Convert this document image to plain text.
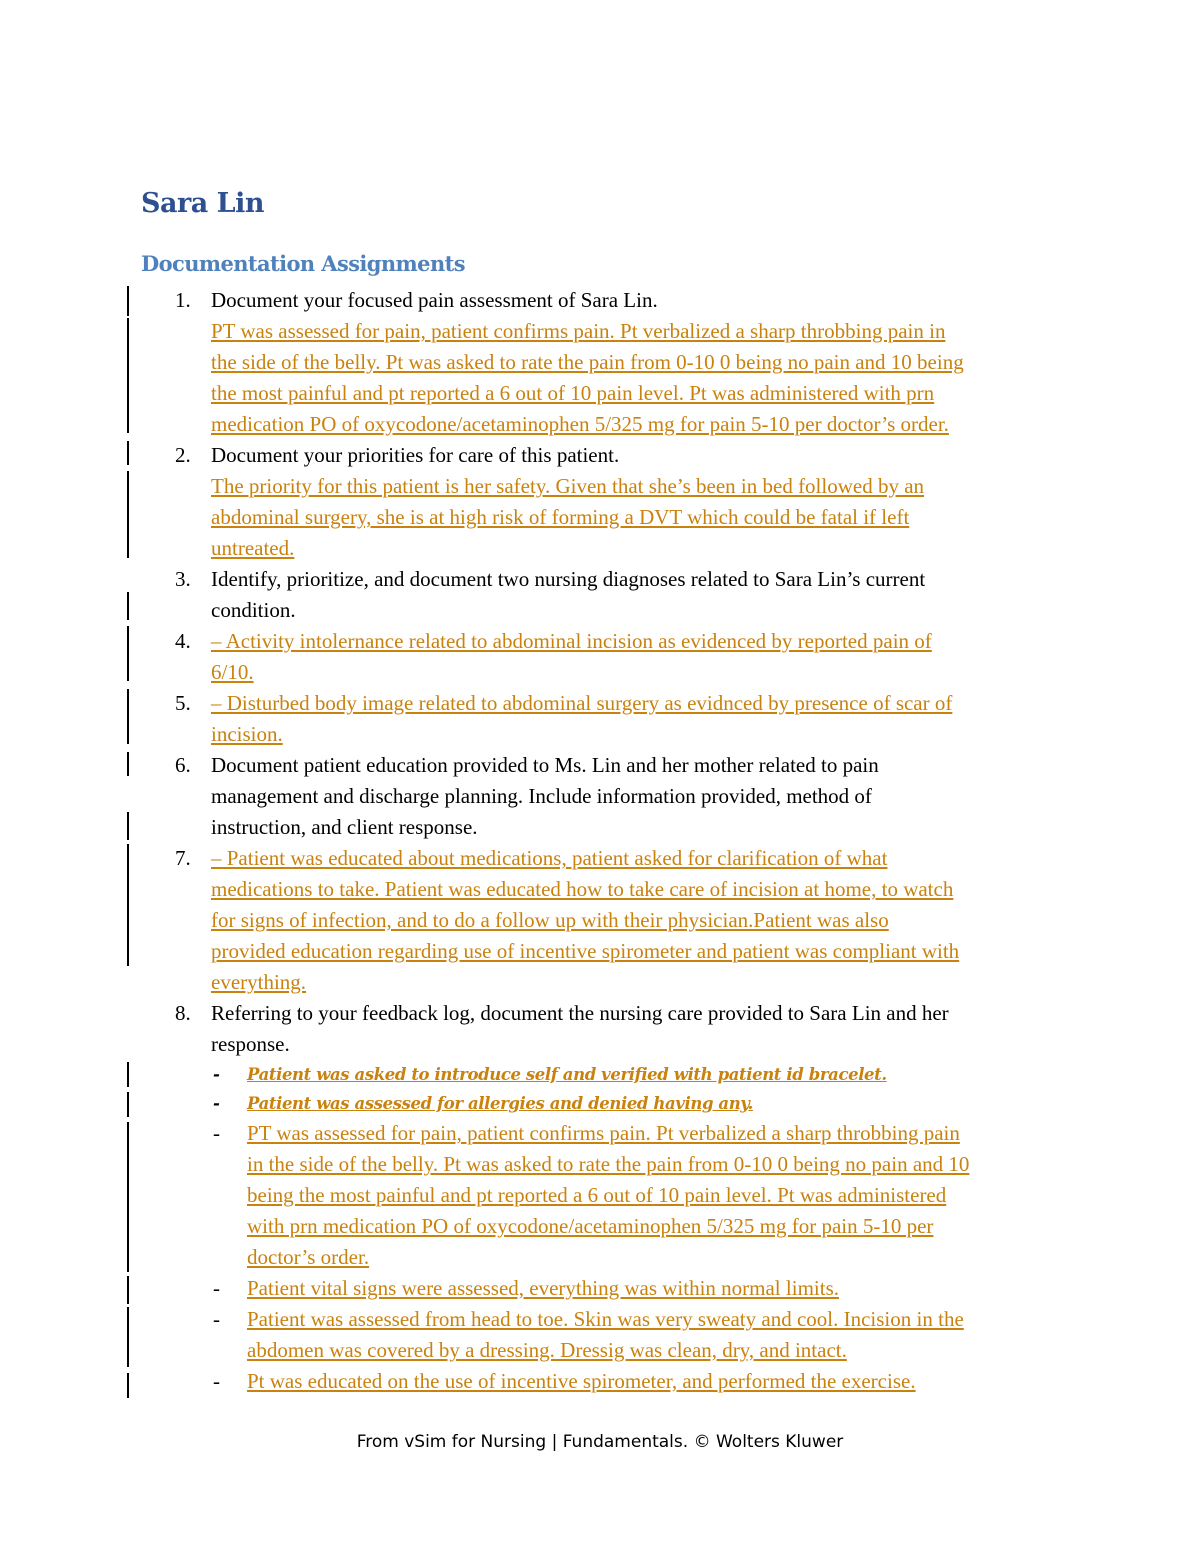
Sara Lin
Documentation Assignments
1. Document your focused pain assessment of Sara Lin.
PT was assessed for pain, patient confirms pain. Pt verbalized a sharp throbbing pain in
the side of the belly. Pt was asked to rate the pain from 0-10 0 being no pain and 10 being
the most painful and pt reported a 6 out of 10 pain level. Pt was administered with prn
medication PO of oxycodone/acetaminophen 5/325 mg for pain 5-10 per doctor’s order.
2. Document your priorities for care of this patient.
The priority for this patient is her safety. Given that she’s been in bed followed by an
abdominal surgery, she is at high risk of forming a DVT which could be fatal if left
untreated.
3. Identify, prioritize, and document two nursing diagnoses related to Sara Lin’s current
condition.
4. – Activity intolernance related to abdominal incision as evidenced by reported pain of
6/10.
5. – Disturbed body image related to abdominal surgery as evidnced by presence of scar of
incision.
6. Document patient education provided to Ms. Lin and her mother related to pain
management and discharge planning. Include information provided, method of
instruction, and client response.
7. – Patient was educated about medications, patient asked for clarification of what
medications to take. Patient was educated how to take care of incision at home, to watch
for signs of infection, and to do a follow up with their physician.Patient was also
provided education regarding use of incentive spirometer and patient was compliant with
everything.
8. Referring to your feedback log, document the nursing care provided to Sara Lin and her
response.
- Patient was asked to introduce self and verified with patient id bracelet.
- Patient was assessed for allergies and denied having any.
- PT was assessed for pain, patient confirms pain. Pt verbalized a sharp throbbing pain
in the side of the belly. Pt was asked to rate the pain from 0-10 0 being no pain and 10
being the most painful and pt reported a 6 out of 10 pain level. Pt was administered
with prn medication PO of oxycodone/acetaminophen 5/325 mg for pain 5-10 per
doctor’s order.
- Patient vital signs were assessed, everything was within normal limits.
- Patient was assessed from head to toe. Skin was very sweaty and cool. Incision in the
abdomen was covered by a dressing. Dressig was clean, dry, and intact.
- Pt was educated on the use of incentive spirometer, and performed the exercise.
From vSim for Nursing | Fundamentals. © Wolters Kluwer
